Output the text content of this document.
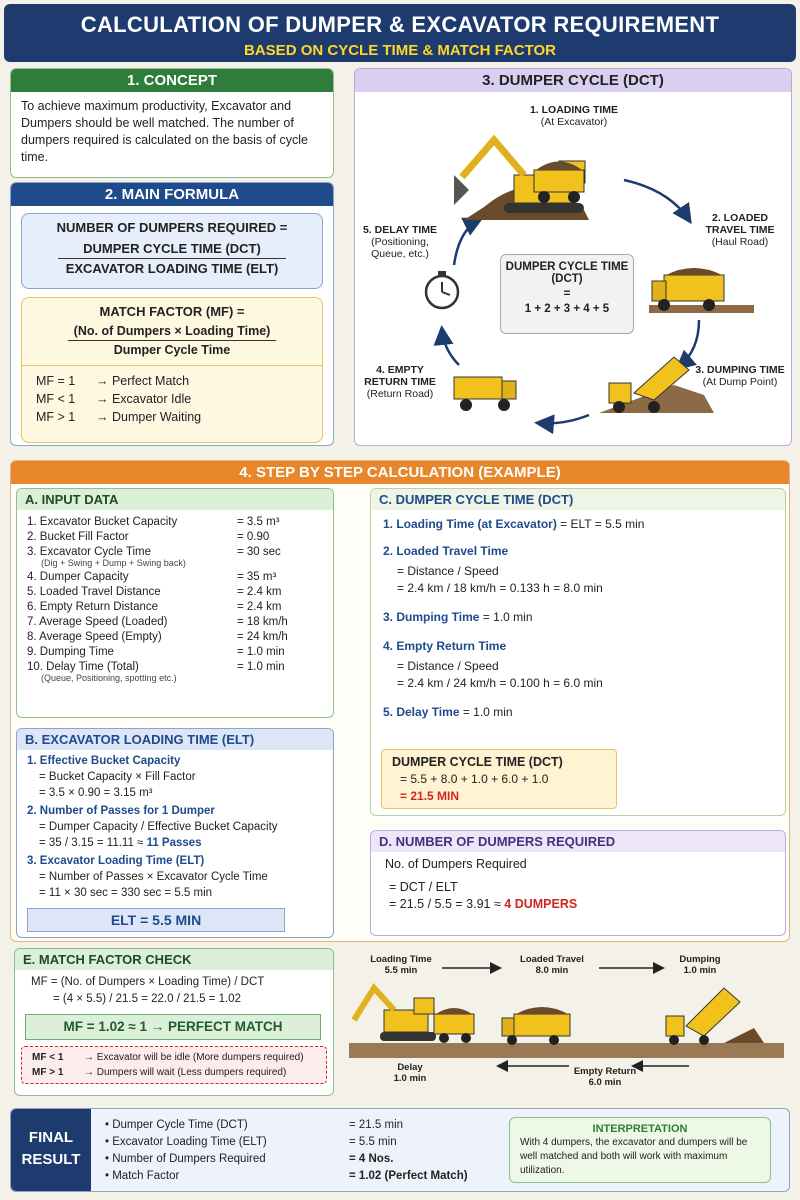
CALCULATION OF DUMPER & EXCAVATOR REQUIREMENT
BASED ON CYCLE TIME & MATCH FACTOR
1. CONCEPT
To achieve maximum productivity, Excavator and Dumpers should be well matched. The number of dumpers required is calculated on the basis of cycle time.
2. MAIN FORMULA
NUMBER OF DUMPERS REQUIRED =
DUMPER CYCLE TIME (DCT)
EXCAVATOR LOADING TIME (ELT)
MATCH FACTOR (MF) =
(No. of Dumpers × Loading Time)
Dumper Cycle Time
MF = 1	→ Perfect Match
MF < 1	→ Excavator Idle
MF > 1	→ Dumper Waiting
3. DUMPER CYCLE (DCT)
1. LOADING TIME
(At Excavator)
2. LOADED TRAVEL TIME
(Haul Road)
3. DUMPING TIME
(At Dump Point)
4. EMPTY RETURN TIME
(Return Road)
5. DELAY TIME
(Positioning, Queue, etc.)
DUMPER CYCLE TIME (DCT)
=
1 + 2 + 3 + 4 + 5
4. STEP BY STEP CALCULATION (EXAMPLE)
A. INPUT DATA
1. Excavator Bucket Capacity	= 3.5 m³
2. Bucket Fill Factor	= 0.90
3. Excavator Cycle Time
(Dig + Swing + Dump + Swing back)	= 30 sec
4. Dumper Capacity	= 35 m³
5. Loaded Travel Distance	= 2.4 km
6. Empty Return Distance	= 2.4 km
7. Average Speed (Loaded)	= 18 km/h
8. Average Speed (Empty)	= 24 km/h
9. Dumping Time	= 1.0 min
10. Delay Time (Total)
(Queue, Positioning, spotting etc.)	= 1.0 min
B. EXCAVATOR LOADING TIME (ELT)
1. Effective Bucket Capacity
= Bucket Capacity × Fill Factor
= 3.5 × 0.90 = 3.15 m³
2. Number of Passes for 1 Dumper
= Dumper Capacity / Effective Bucket Capacity
= 35 / 3.15 = 11.11 ≈ 11 Passes
3. Excavator Loading Time (ELT)
= Number of Passes × Excavator Cycle Time
= 11 × 30 sec = 330 sec = 5.5 min
ELT = 5.5 MIN
C. DUMPER CYCLE TIME (DCT)
1. Loading Time (at Excavator) = ELT = 5.5 min
2. Loaded Travel Time
= Distance / Speed
= 2.4 km / 18 km/h = 0.133 h = 8.0 min
3. Dumping Time = 1.0 min
4. Empty Return Time
= Distance / Speed
= 2.4 km / 24 km/h = 0.100 h = 6.0 min
5. Delay Time = 1.0 min
DUMPER CYCLE TIME (DCT)
= 5.5 + 8.0 + 1.0 + 6.0 + 1.0
= 21.5 MIN
D. NUMBER OF DUMPERS REQUIRED
No. of Dumpers Required
= DCT / ELT
= 21.5 / 5.5 = 3.91 ≈ 4 DUMPERS
E. MATCH FACTOR CHECK
MF = (No. of Dumpers × Loading Time) / DCT
= (4 × 5.5) / 21.5 = 22.0 / 21.5 = 1.02
MF = 1.02 ≈ 1 → PERFECT MATCH
MF < 1 → Excavator will be idle (More dumpers required)
MF > 1 → Dumpers will wait (Less dumpers required)
Loading Time
5.5 min
Loaded Travel
8.0 min
Dumping
1.0 min
Delay
1.0 min
Empty Return
6.0 min
FINAL
RESULT
• Dumper Cycle Time (DCT)	= 21.5 min
• Excavator Loading Time (ELT)	= 5.5 min
• Number of Dumpers Required	= 4 Nos.
• Match Factor	= 1.02 (Perfect Match)
INTERPRETATION
With 4 dumpers, the excavator and dumpers will be well matched and both will work with maximum utilization.
